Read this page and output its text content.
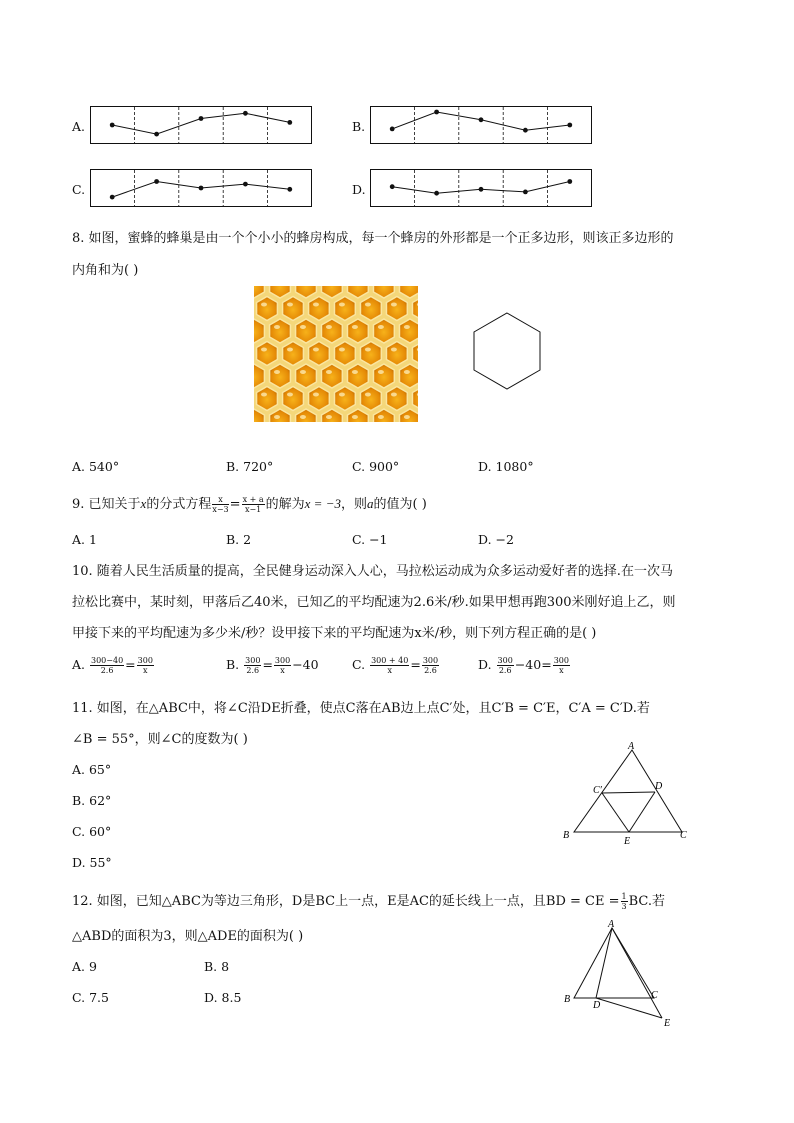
A.	B.
C.	D.
8. 如图，蜜蜂的蜂巢是由一个个小小的蜂房构成，每一个蜂房的外形都是一个正多边形，则该正多边形的
内角和为( )
A. 540°	B. 720°	C. 900°	D. 1080°
9. 已知关于x的分式方程 $\frac{x}{x-3} = \frac{x + a}{x-1}$ 的解为x = −3，则a的值为( )
A. 1	B. 2	C. −1	D. −2
10. 随着人民生活质量的提高，全民健身运动深入人心，马拉松运动成为众多运动爱好者的选择.在一次马
拉松比赛中，某时刻，甲落后乙40米，已知乙的平均配速为2.6米/秒.如果甲想再跑300米刚好追上乙，则
甲接下来的平均配速为多少米/秒？设甲接下来的平均配速为x米/秒，则下列方程正确的是( )
A. $\frac{300-40}{2.6} = \frac{300}{x}$	B. $\frac{300}{2.6} = \frac{300}{x} -40$	C. $\frac{300 + 40}{x} = \frac{300}{2.6}$	D. $\frac{300}{2.6} -40= \frac{300}{x}$
11. 如图，在△ABC中，将∠C沿DE折叠，使点C落在AB边上点C′处，且C′B = C′E，C′A = C′D.若
∠B = 55°，则∠C的度数为( )
A. 65°
B. 62°
C. 60°
D. 55°
A
B	C
D
E
C′
12. 如图，已知△ABC为等边三角形，D是BC上一点，E是AC的延长线上一点，且BD = CE = $\frac{1}{3}$ BC.若
△ABD的面积为3，则△ADE的面积为( )
A. 9	B. 8
C. 7.5	D. 8.5
A
B	C
D
E
